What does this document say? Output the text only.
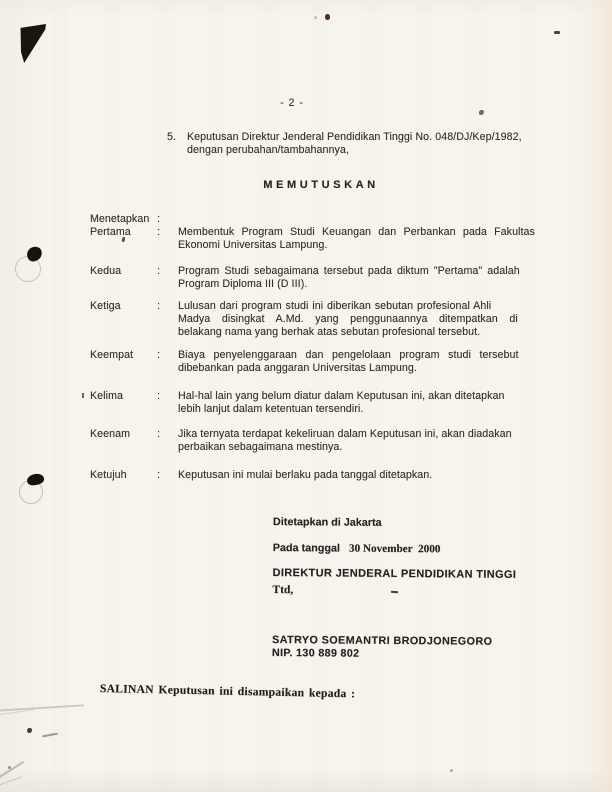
- 2 -
5. Keputusan Direktur Jenderal Pendidikan Tinggi No. 048/DJ/Kep/1982,
dengan perubahan/tambahannya,
MEMUTUSKAN
Menetapkan :
Pertama : Membentuk Program Studi Keuangan dan Perbankan pada Fakultas
Ekonomi Universitas Lampung.
Kedua	: Program Studi sebagaimana tersebut pada diktum "Pertama" adalah
Program Diploma III (D III).
Ketiga	: Lulusan dari program studi ini diberikan sebutan profesional Ahli
Madya disingkat A.Md. yang penggunaannya ditempatkan di
belakang nama yang berhak atas sebutan profesional tersebut.
Keempat : Biaya penyelenggaraan dan pengelolaan program studi tersebut
dibebankan pada anggaran Universitas Lampung.
Kelima	: Hal-hal lain yang belum diatur dalam Keputusan ini, akan ditetapkan
lebih lanjut dalam ketentuan tersendiri.
Keenam	: Jika ternyata terdapat kekeliruan dalam Keputusan ini, akan diadakan
perbaikan sebagaimana mestinya.
Ketujuh	: Keputusan ini mulai berlaku pada tanggal ditetapkan.
Ditetapkan di Jakarta
Pada tanggal 30 November  2000
DIREKTUR JENDERAL PENDIDIKAN TINGGI
Ttd,
SATRYO SOEMANTRI BRODJONEGORO
NIP. 130 889 802
SALINAN Keputusan ini disampaikan kepada :
